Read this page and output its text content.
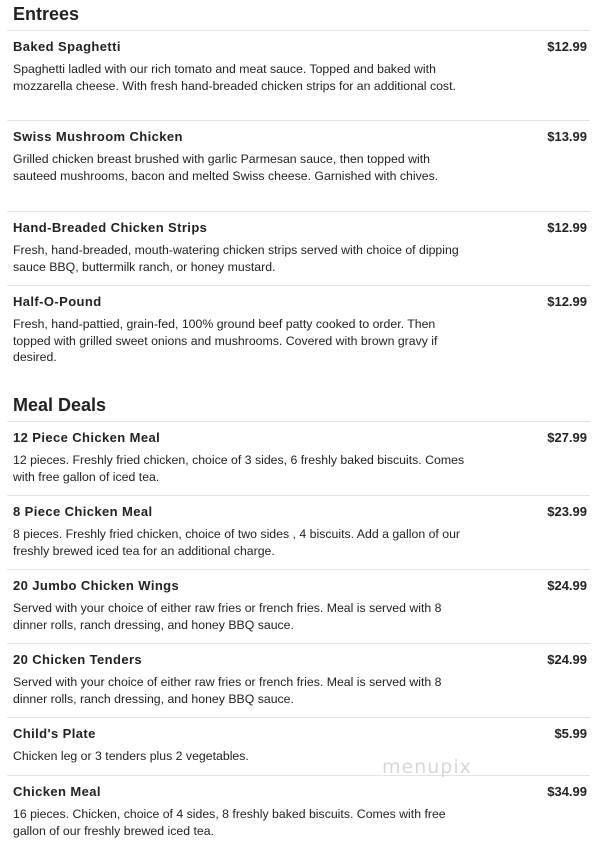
Entrees
Baked Spaghetti	$12.99
Spaghetti ladled with our rich tomato and meat sauce. Topped and baked with mozzarella cheese. With fresh hand-breaded chicken strips for an additional cost.
Swiss Mushroom Chicken	$13.99
Grilled chicken breast brushed with garlic Parmesan sauce, then topped with sauteed mushrooms, bacon and melted Swiss cheese. Garnished with chives.
Hand-Breaded Chicken Strips	$12.99
Fresh, hand-breaded, mouth-watering chicken strips served with choice of dipping sauce BBQ, buttermilk ranch, or honey mustard.
Half-O-Pound	$12.99
Fresh, hand-pattied, grain-fed, 100% ground beef patty cooked to order. Then topped with grilled sweet onions and mushrooms. Covered with brown gravy if desired.
Meal Deals
12 Piece Chicken Meal	$27.99
12 pieces. Freshly fried chicken, choice of 3 sides, 6 freshly baked biscuits. Comes with free gallon of iced tea.
8 Piece Chicken Meal	$23.99
8 pieces. Freshly fried chicken, choice of two sides , 4 biscuits. Add a gallon of our freshly brewed iced tea for an additional charge.
20 Jumbo Chicken Wings	$24.99
Served with your choice of either raw fries or french fries. Meal is served with 8 dinner rolls, ranch dressing, and honey BBQ sauce.
20 Chicken Tenders	$24.99
Served with your choice of either raw fries or french fries. Meal is served with 8 dinner rolls, ranch dressing, and honey BBQ sauce.
Child's Plate	$5.99
Chicken leg or 3 tenders plus 2 vegetables.
Chicken Meal	$34.99
16 pieces. Chicken, choice of 4 sides, 8 freshly baked biscuits. Comes with free gallon of our freshly brewed iced tea.
menupix
